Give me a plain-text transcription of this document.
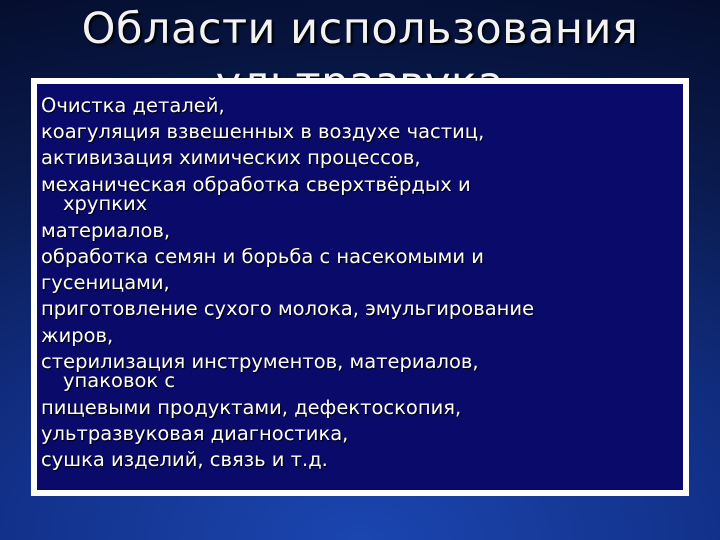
Области использования

Очистка деталей,
коагуляция взвешенных в воздухе частиц,
активизация химических процессов,
механическая обработка сверхтвёрдых и
хрупких
материалов,
обработка семян и борьба с насекомыми и
гусеницами,
приготовление сухого молока, эмульгирование
жиров,
стерилизация инструментов, материалов,
упаковок с
пищевыми продуктами, дефектоскопия,
ультразвуковая диагностика,
сушка изделий, связь и т.д.
